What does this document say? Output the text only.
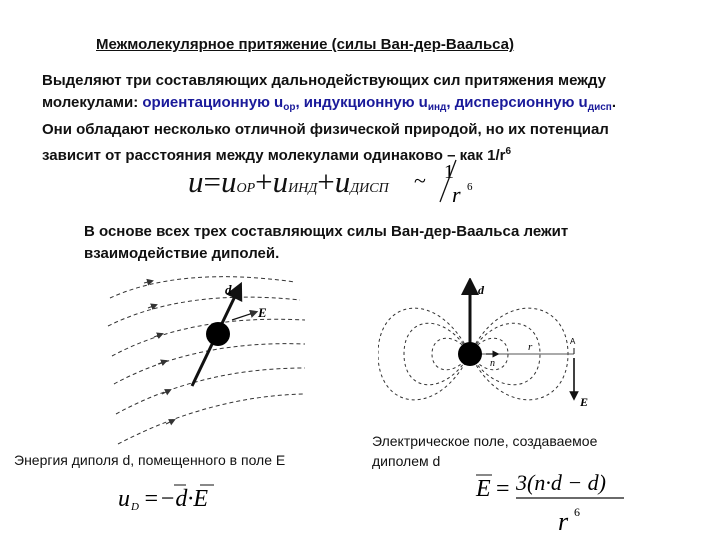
Межмолекулярное притяжение (силы Ван-дер-Ваальса)
Выделяют три составляющих дальнодействующих сил притяжения между
молекулами: ориентационную $u_{ор}$, индукционную $u_{инд}$, дисперсионную $u_{дисп}$.
Они обладают несколько отличной физической природой, но их потенциал
зависит от расстояния между молекулами одинаково – как $1/r^6$
u=uОР+uИНД+uДИСП ~ 1
r 6
В основе всех трех составляющих силы Ван-дер-Ваальса лежит
взаимодействие диполей.
d
E
d
r
n
A
E
Энергия диполя d, помещенного в поле E
Электрическое поле, создаваемое
диполем d
u D =−d·E	E = 3(n·d − d)
r 6
